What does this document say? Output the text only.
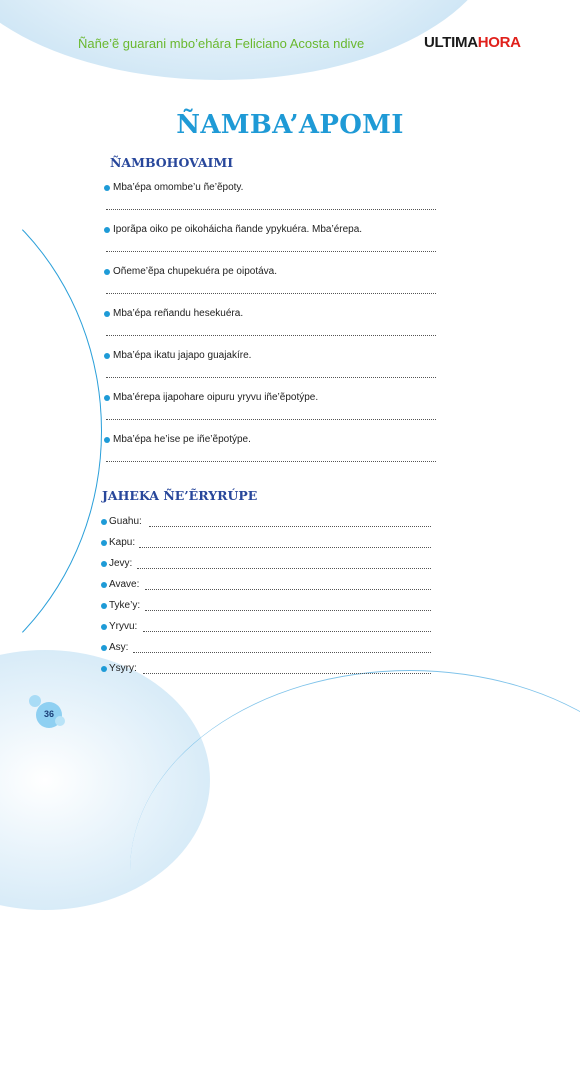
Ñañe’ẽ guarani mbo’ehára Feliciano Acosta ndive	ULTIMAHORA
ÑAMBA’APOMI
ÑAMBOHOVAIMI
Mba’épa omombe’u ñe’ẽpoty.
Iporãpa oiko pe oikoháicha ñande ypykuéra. Mba’érepa.
Oñeme’ẽpa chupekuéra pe oipotáva.
Mba’épa reñandu hesekuéra.
Mba’épa ikatu jajapo guajakíre.
Mba’érepa ijapohare oipuru yryvu iñe’ẽpotýpe.
Mba’épa he’ise pe iñe’ẽpotýpe.
JAHEKA ÑE’ẼRYRÚPE
Guahu:
Kapu:
Jevy:
Avave:
Tyke’y:
Yryvu:
Asy:
Ysyry:
36
